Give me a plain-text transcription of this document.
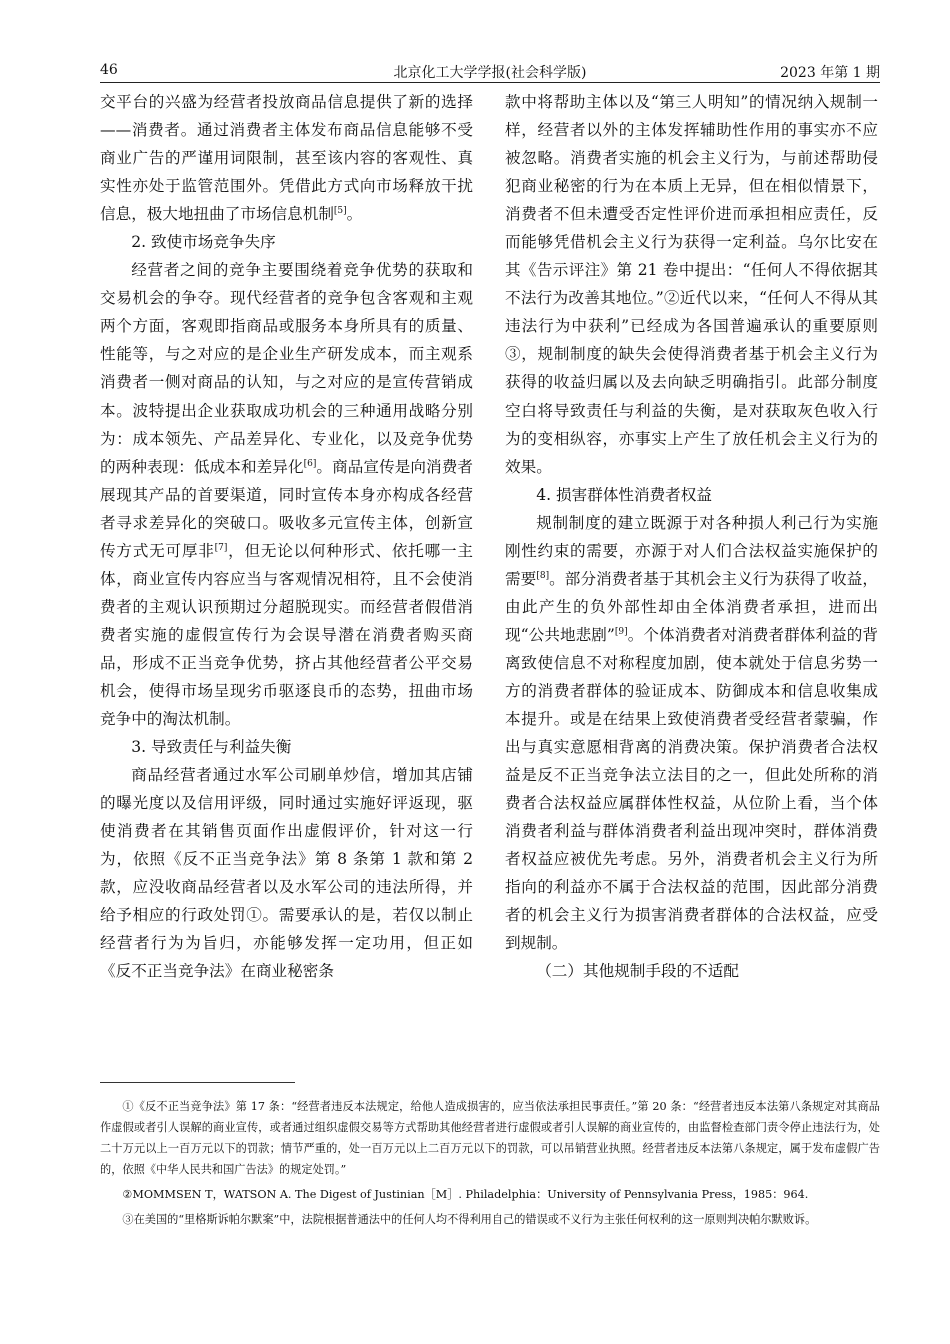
46	北京化工大学学报(社会科学版)	2023 年第 1 期

交平台的兴盛为经营者投放商品信息提供了新的选择——消费者。通过消费者主体发布商品信息能够不受商业广告的严谨用词限制，甚至该内容的客观性、真实性亦处于监管范围外。凭借此方式向市场释放干扰信息，极大地扭曲了市场信息机制[5]。

2. 致使市场竞争失序

经营者之间的竞争主要围绕着竞争优势的获取和交易机会的争夺。现代经营者的竞争包含客观和主观两个方面，客观即指商品或服务本身所具有的质量、性能等，与之对应的是企业生产研发成本，而主观系消费者一侧对商品的认知，与之对应的是宣传营销成本。波特提出企业获取成功机会的三种通用战略分别为：成本领先、产品差异化、专业化，以及竞争优势的两种表现：低成本和差异化[6]。商品宣传是向消费者展现其产品的首要渠道，同时宣传本身亦构成各经营者寻求差异化的突破口。吸收多元宣传主体，创新宣传方式无可厚非[7]，但无论以何种形式、依托哪一主体，商业宣传内容应当与客观情况相符，且不会使消费者的主观认识预期过分超脱现实。而经营者假借消费者实施的虚假宣传行为会误导潜在消费者购买商品，形成不正当竞争优势，挤占其他经营者公平交易机会，使得市场呈现劣币驱逐良币的态势，扭曲市场竞争中的淘汰机制。

3. 导致责任与利益失衡

商品经营者通过水军公司刷单炒信，增加其店铺的曝光度以及信用评级，同时通过实施好评返现，驱使消费者在其销售页面作出虚假评价，针对这一行为，依照《反不正当竞争法》第 8 条第 1 款和第 2 款，应没收商品经营者以及水军公司的违法所得，并给予相应的行政处罚①。需要承认的是，若仅以制止经营者行为为旨归，亦能够发挥一定功用，但正如《反不正当竞争法》在商业秘密条

款中将帮助主体以及“第三人明知”的情况纳入规制一样，经营者以外的主体发挥辅助性作用的事实亦不应被忽略。消费者实施的机会主义行为，与前述帮助侵犯商业秘密的行为在本质上无异，但在相似情景下，消费者不但未遭受否定性评价进而承担相应责任，反而能够凭借机会主义行为获得一定利益。乌尔比安在其《告示评注》第 21 卷中提出：“任何人不得依据其不法行为改善其地位。”②近代以来，“任何人不得从其违法行为中获利”已经成为各国普遍承认的重要原则③，规制制度的缺失会使得消费者基于机会主义行为获得的收益归属以及去向缺乏明确指引。此部分制度空白将导致责任与利益的失衡，是对获取灰色收入行为的变相纵容，亦事实上产生了放任机会主义行为的效果。

4. 损害群体性消费者权益

规制制度的建立既源于对各种损人利己行为实施刚性约束的需要，亦源于对人们合法权益实施保护的需要[8]。部分消费者基于其机会主义行为获得了收益，由此产生的负外部性却由全体消费者承担，进而出现“公共地悲剧”[9]。个体消费者对消费者群体利益的背离致使信息不对称程度加剧，使本就处于信息劣势一方的消费者群体的验证成本、防御成本和信息收集成本提升。或是在结果上致使消费者受经营者蒙骗，作出与真实意愿相背离的消费决策。保护消费者合法权益是反不正当竞争法立法目的之一，但此处所称的消费者合法权益应属群体性权益，从位阶上看，当个体消费者利益与群体消费者利益出现冲突时，群体消费者权益应被优先考虑。另外，消费者机会主义行为所指向的利益亦不属于合法权益的范围，因此部分消费者的机会主义行为损害消费者群体的合法权益，应受到规制。

（二）其他规制手段的不适配

①《反不正当竞争法》第 17 条：“经营者违反本法规定，给他人造成损害的，应当依法承担民事责任。”第 20 条：“经营者违反本法第八条规定对其商品作虚假或者引人误解的商业宣传，或者通过组织虚假交易等方式帮助其他经营者进行虚假或者引人误解的商业宣传的，由监督检查部门责令停止违法行为，处二十万元以上一百万元以下的罚款；情节严重的，处一百万元以上二百万元以下的罚款，可以吊销营业执照。经营者违反本法第八条规定，属于发布虚假广告的，依照《中华人民共和国广告法》的规定处罚。”

②MOMMSEN T，WATSON A. The Digest of Justinian［M］. Philadelphia：University of Pennsylvania Press，1985：964.

③在美国的“里格斯诉帕尔默案”中，法院根据普通法中的任何人均不得利用自己的错误或不义行为主张任何权利的这一原则判决帕尔默败诉。
